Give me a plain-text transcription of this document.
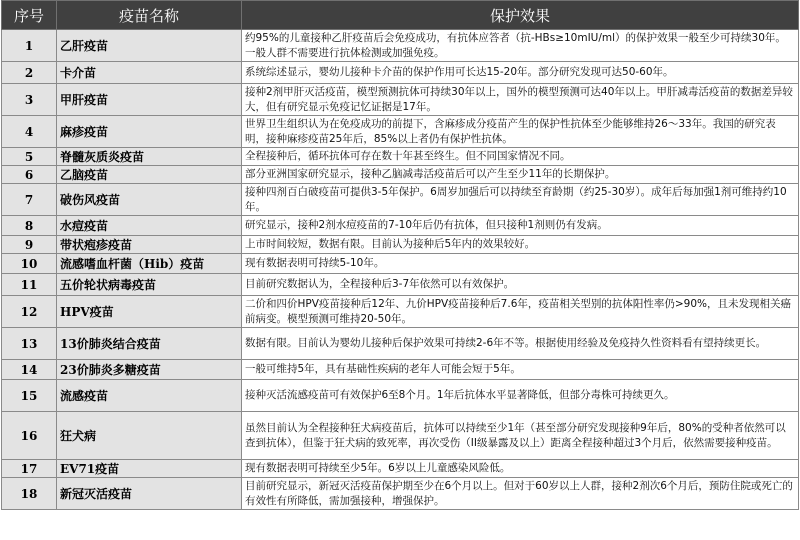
序号	疫苗名称	保护效果
1	乙肝疫苗	约95%的儿童接种乙肝疫苗后会免疫成功，有抗体应答者（抗-HBs≥10mIU/ml）的保护效果一般至少可持续30年。一般人群不需要进行抗体检测或加强免疫。
2	卡介苗	系统综述显示，婴幼儿接种卡介苗的保护作用可长达15-20年。部分研究发现可达50-60年。
3	甲肝疫苗	接种2剂甲肝灭活疫苗，模型预测抗体可持续30年以上，国外的模型预测可达40年以上。甲肝减毒活疫苗的数据差异较大，但有研究显示免疫记忆证据是17年。
4	麻疹疫苗	世界卫生组织认为在免疫成功的前提下，含麻疹成分疫苗产生的保护性抗体至少能够维持26～33年。我国的研究表明，接种麻疹疫苗25年后，85%以上者仍有保护性抗体。
5	脊髓灰质炎疫苗	全程接种后，循环抗体可存在数十年甚至终生。但不同国家情况不同。
6	乙脑疫苗	部分亚洲国家研究显示，接种乙脑减毒活疫苗后可以产生至少11年的长期保护。
7	破伤风疫苗	接种四剂百白破疫苗可提供3-5年保护。6周岁加强后可以持续至育龄期（约25-30岁）。成年后每加强1剂可维持约10年。
8	水痘疫苗	研究显示，接种2剂水痘疫苗的7-10年后仍有抗体，但只接种1剂则仍有发病。
9	带状疱疹疫苗	上市时间较短，数据有限。目前认为接种后5年内的效果较好。
10	流感嗜血杆菌（Hib）疫苗	现有数据表明可持续5-10年。
11	五价轮状病毒疫苗	目前研究数据认为，全程接种后3-7年依然可以有效保护。
12	HPV疫苗	二价和四价HPV疫苗接种后12年、九价HPV疫苗接种后7.6年，疫苗相关型别的抗体阳性率仍>90%，且未发现相关癌前病变。模型预测可维持20-50年。
13	13价肺炎结合疫苗	数据有限。目前认为婴幼儿接种后保护效果可持续2-6年不等。根据使用经验及免疫持久性资料看有望持续更长。
14	23价肺炎多糖疫苗	一般可维持5年，具有基础性疾病的老年人可能会短于5年。
15	流感疫苗	接种灭活流感疫苗可有效保护6至8个月。1年后抗体水平显著降低，但部分毒株可持续更久。
16	狂犬病	虽然目前认为全程接种狂犬病疫苗后，抗体可以持续至少1年（甚至部分研究发现接种9年后，80%的受种者依然可以查到抗体），但鉴于狂犬病的致死率，再次受伤（II级暴露及以上）距离全程接种超过3个月后，依然需要接种疫苗。
17	EV71疫苗	现有数据表明可持续至少5年。6岁以上儿童感染风险低。
18	新冠灭活疫苗	目前研究显示，新冠灭活疫苗保护期至少在6个月以上。但对于60岁以上人群，接种2剂次6个月后，预防住院或死亡的有效性有所降低，需加强接种，增强保护。
